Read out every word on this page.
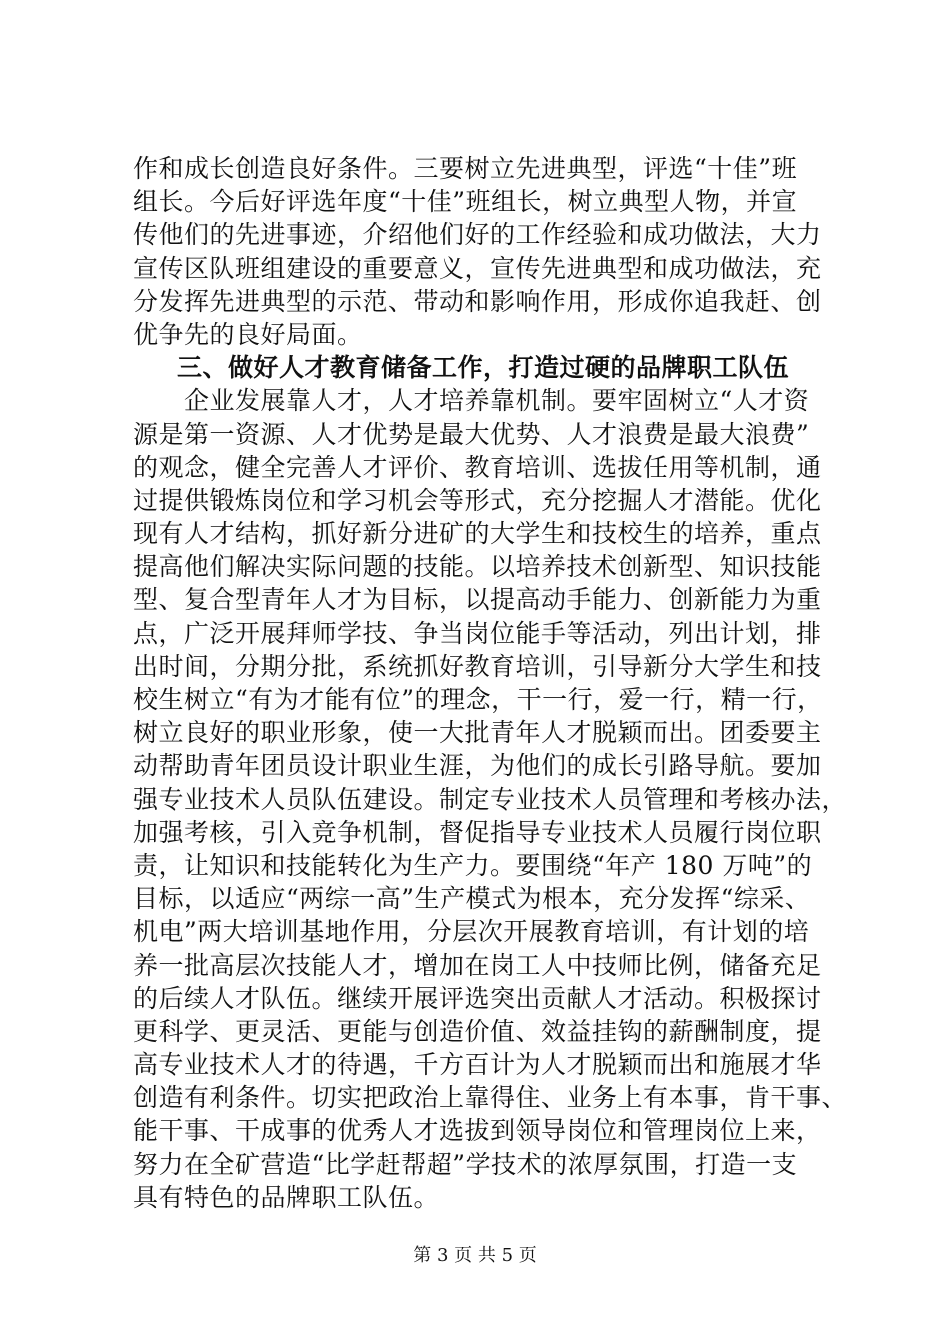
作和成长创造良好条件。三要树立先进典型，评选“十佳”班
组长。今后好评选年度“十佳”班组长，树立典型人物，并宣
传他们的先进事迹，介绍他们好的工作经验和成功做法，大力
宣传区队班组建设的重要意义，宣传先进典型和成功做法，充
分发挥先进典型的示范、带动和影响作用，形成你追我赶、创
优争先的良好局面。
三、做好人才教育储备工作，打造过硬的品牌职工队伍
　　企业发展靠人才，人才培养靠机制。要牢固树立“人才资
源是第一资源、人才优势是最大优势、人才浪费是最大浪费”
的观念，健全完善人才评价、教育培训、选拔任用等机制，通
过提供锻炼岗位和学习机会等形式，充分挖掘人才潜能。优化
现有人才结构，抓好新分进矿的大学生和技校生的培养，重点
提高他们解决实际问题的技能。以培养技术创新型、知识技能
型、复合型青年人才为目标，以提高动手能力、创新能力为重
点，广泛开展拜师学技、争当岗位能手等活动，列出计划，排
出时间，分期分批，系统抓好教育培训，引导新分大学生和技
校生树立“有为才能有位”的理念，干一行，爱一行，精一行，
树立良好的职业形象，使一大批青年人才脱颖而出。团委要主
动帮助青年团员设计职业生涯，为他们的成长引路导航。要加
强专业技术人员队伍建设。制定专业技术人员管理和考核办法，
加强考核，引入竞争机制，督促指导专业技术人员履行岗位职
责，让知识和技能转化为生产力。要围绕“年产 180 万吨”的
目标，以适应“两综一高”生产模式为根本，充分发挥“综采、
机电”两大培训基地作用，分层次开展教育培训，有计划的培
养一批高层次技能人才，增加在岗工人中技师比例，储备充足
的后续人才队伍。继续开展评选突出贡献人才活动。积极探讨
更科学、更灵活、更能与创造价值、效益挂钩的薪酬制度，提
高专业技术人才的待遇，千方百计为人才脱颖而出和施展才华
创造有利条件。切实把政治上靠得住、业务上有本事，肯干事、
能干事、干成事的优秀人才选拔到领导岗位和管理岗位上来，
努力在全矿营造“比学赶帮超”学技术的浓厚氛围，打造一支
具有特色的品牌职工队伍。
第 3 页 共 5 页
